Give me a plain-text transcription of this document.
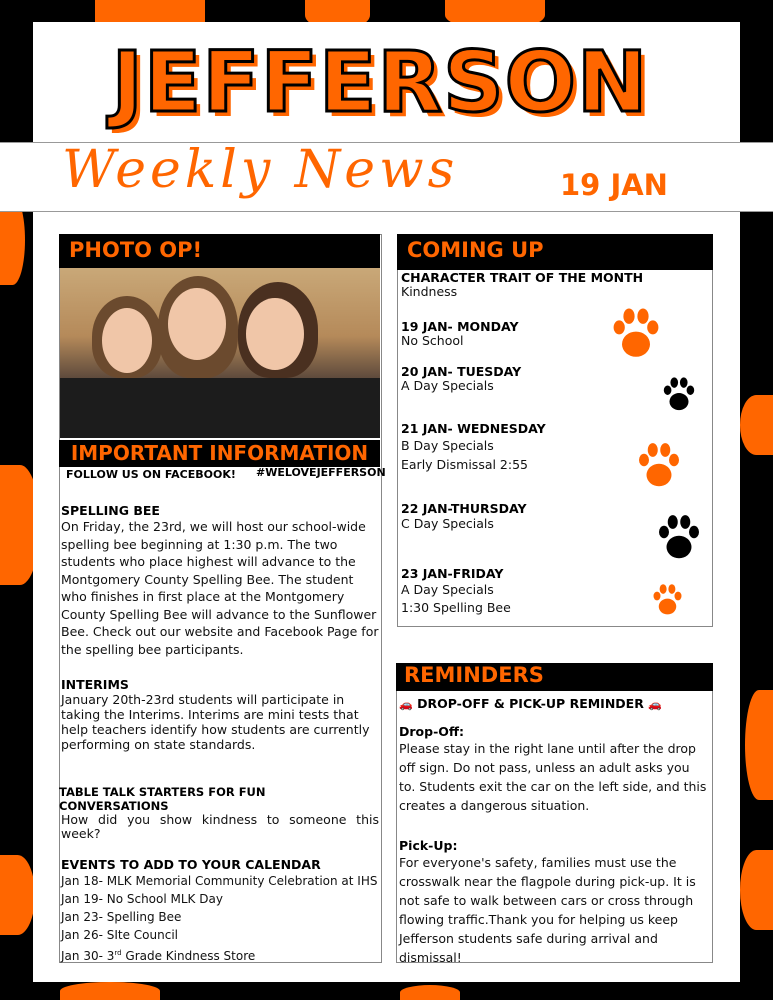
JEFFERSON
Weekly News	19 JAN
PHOTO OP!
IMPORTANT INFORMATION
FOLLOW US ON FACEBOOK! #WELOVEJEFFERSON
SPELLING BEE
On Friday, the 23rd, we will host our school-wide spelling bee beginning at 1:30 p.m. The two students who place highest will advance to the Montgomery County Spelling Bee. The student who finishes in first place at the Montgomery County Spelling Bee will advance to the Sunflower Bee. Check out our website and Facebook Page for the spelling bee participants.
INTERIMS
January 20th-23rd students will participate in taking the Interims. Interims are mini tests that help teachers identify how students are currently performing on state standards.
TABLE TALK STARTERS FOR FUN CONVERSATIONS
How did you show kindness to someone this week?
EVENTS TO ADD TO YOUR CALENDAR
Jan 18- MLK Memorial Community Celebration at IHS
Jan 19- No School MLK Day
Jan 23- Spelling Bee
Jan 26- SIte Council
Jan 30- 3rd Grade Kindness Store
COMING UP
CHARACTER TRAIT OF THE MONTH
Kindness
19 JAN- MONDAY
No School
20 JAN- TUESDAY
A Day Specials
21 JAN- WEDNESDAY
B Day Specials
Early Dismissal 2:55
22 JAN-THURSDAY
C Day Specials
23 JAN-FRIDAY
A Day Specials
1:30 Spelling Bee
REMINDERS
🚗 DROP-OFF & PICK-UP REMINDER 🚗
Drop-Off:
Please stay in the right lane until after the drop off sign. Do not pass, unless an adult asks you to. Students exit the car on the left side, and this creates a dangerous situation.
Pick-Up:
For everyone's safety, families must use the crosswalk near the flagpole during pick-up. It is not safe to walk between cars or cross through flowing traffic.Thank you for helping us keep Jefferson students safe during arrival and dismissal!
